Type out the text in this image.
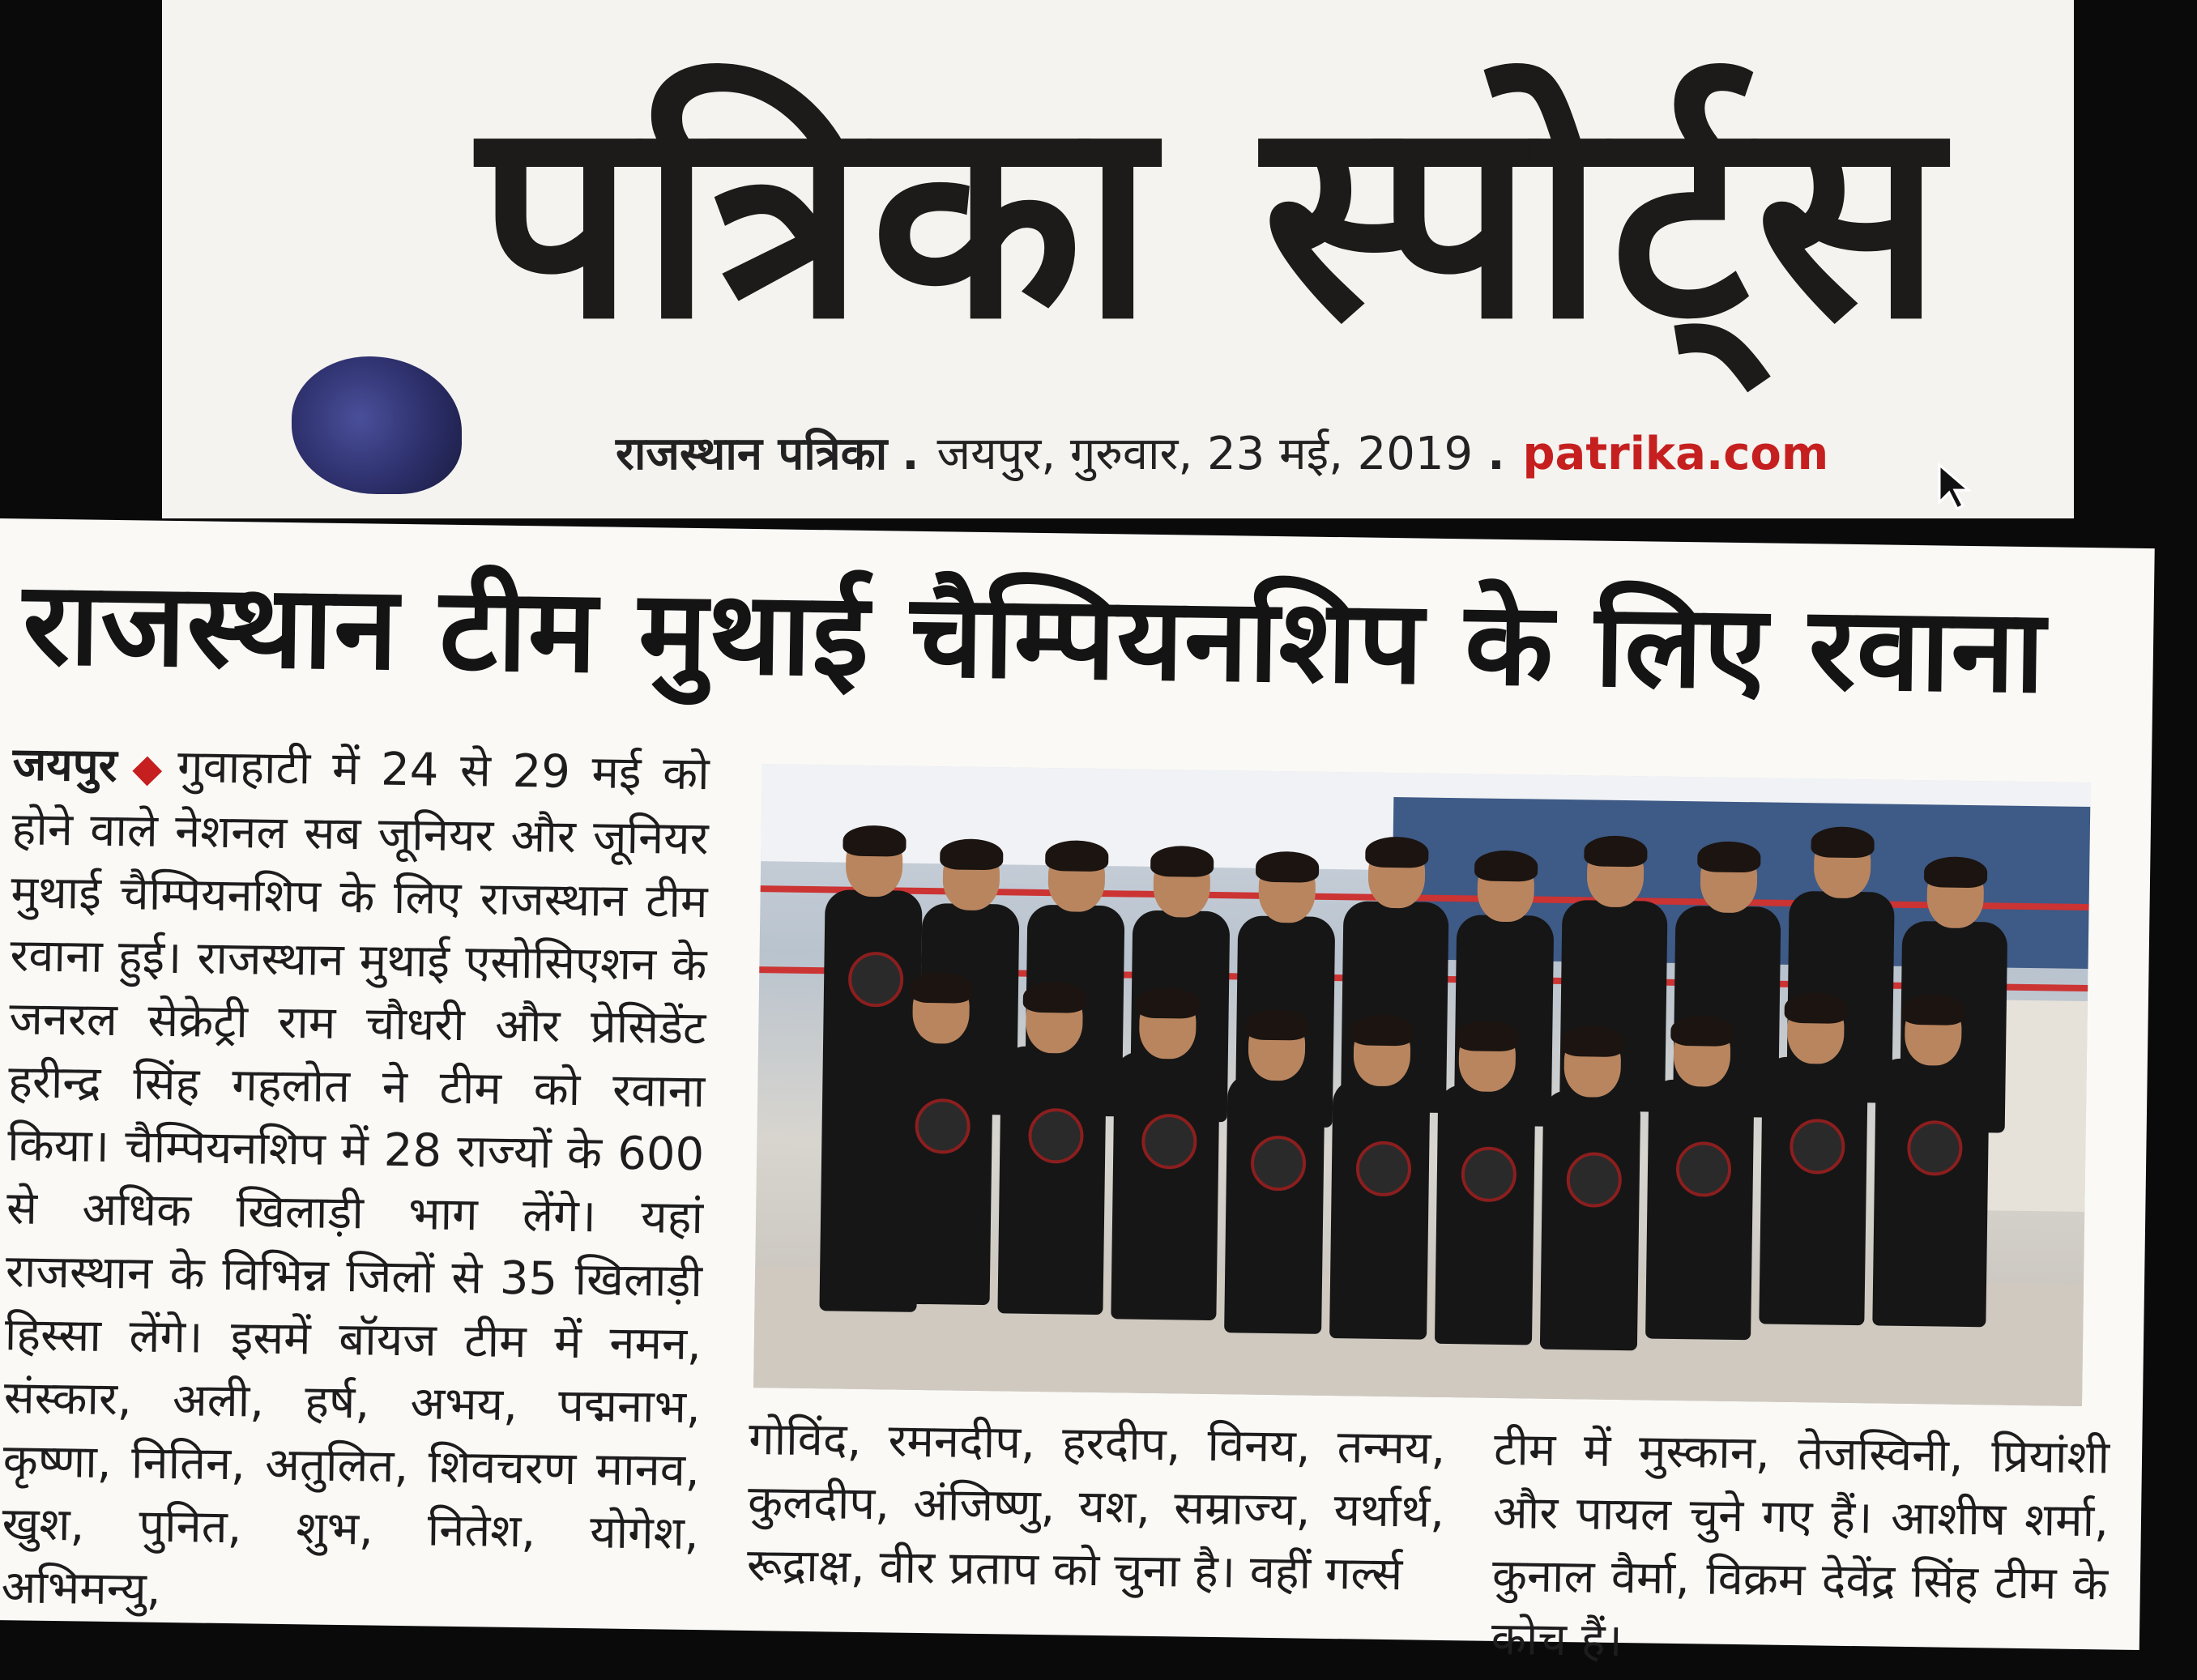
पत्रिका स्पोर्ट्स
राजस्थान पत्रिका . जयपुर, गुरुवार, 23 मई, 2019 . patrika.com
राजस्थान टीम मुथाई चैम्पियनशिप के लिए रवाना
जयपुर ◆ गुवाहाटी में 24 से 29 मई को होने वाले नेशनल सब जूनियर और जूनियर मुथाई चैम्पियनशिप के लिए राजस्थान टीम रवाना हुई। राजस्थान मुथाई एसोसिएशन के जनरल सेक्रेट्री राम चौधरी और प्रेसिडेंट हरीन्द्र सिंह गहलोत ने टीम को रवाना किया। चैम्पियनशिप में 28 राज्यों के 600 से अधिक खिलाड़ी भाग लेंगे। यहां राजस्थान के विभिन्न जिलों से 35 खिलाड़ी हिस्सा लेंगे। इसमें बॉयज टीम में नमन, संस्कार, अली, हर्ष, अभय, पद्मनाभ, कृष्णा, नितिन, अतुलित, शिवचरण मानव, खुश, पुनित, शुभ, नितेश, योगेश, अभिमन्यु,
गोविंद, रमनदीप, हरदीप, विनय, तन्मय, कुलदीप, अंजिष्णु, यश, सम्राज्य, यर्थार्थ, रूद्राक्ष, वीर प्रताप को चुना है। वहीं गर्ल्स
टीम में मुस्कान, तेजस्विनी, प्रियांशी और पायल चुने गए हैं। आशीष शर्मा, कुनाल वैर्मा, विक्रम देवेंद्र सिंह टीम के कोच हैं।
